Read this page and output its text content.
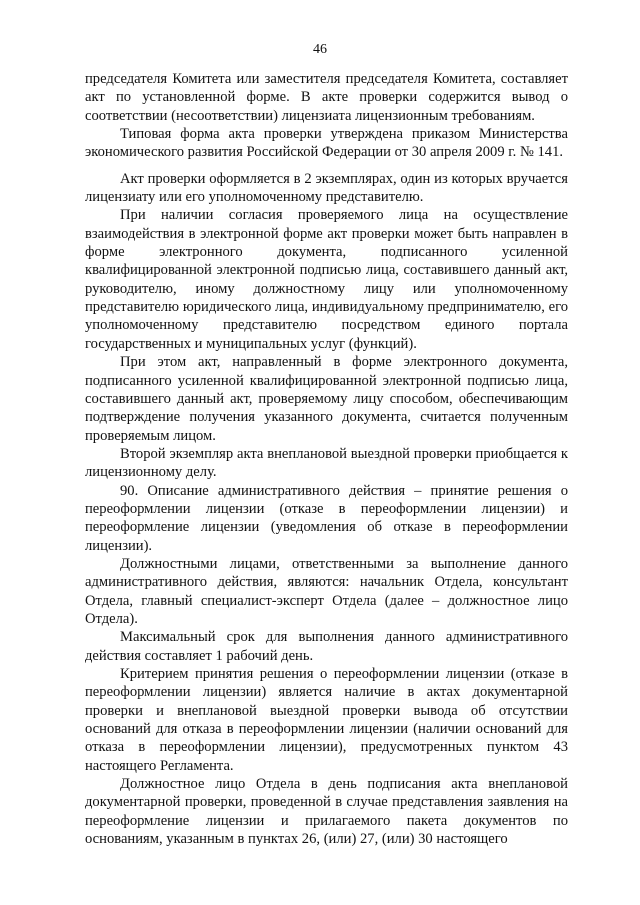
46

председателя Комитета или заместителя председателя Комитета, составляет акт по установленной форме. В акте проверки содержится вывод о соответствии (несоответствии) лицензиата лицензионным требованиям.

Типовая форма акта проверки утверждена приказом Министерства экономического развития Российской Федерации от 30 апреля 2009 г. № 141.

Акт проверки оформляется в 2 экземплярах, один из которых вручается лицензиату или его уполномоченному представителю.

При наличии согласия проверяемого лица на осуществление взаимодействия в электронной форме акт проверки может быть направлен в форме электронного документа, подписанного усиленной квалифицированной электронной подписью лица, составившего данный акт, руководителю, иному должностному лицу или уполномоченному представителю юридического лица, индивидуальному предпринимателю, его уполномоченному представителю посредством единого портала государственных и муниципальных услуг (функций).

При этом акт, направленный в форме электронного документа, подписанного усиленной квалифицированной электронной подписью лица, составившего данный акт, проверяемому лицу способом, обеспечивающим подтверждение получения указанного документа, считается полученным проверяемым лицом.

Второй экземпляр акта внеплановой выездной проверки приобщается к лицензионному делу.

90. Описание административного действия – принятие решения о переоформлении лицензии (отказе в переоформлении лицензии) и переоформление лицензии (уведомления об отказе в переоформлении лицензии).

Должностными лицами, ответственными за выполнение данного административного действия, являются: начальник Отдела, консультант Отдела, главный специалист-эксперт Отдела (далее – должностное лицо Отдела).

Максимальный срок для выполнения данного административного действия составляет 1 рабочий день.

Критерием принятия решения о переоформлении лицензии (отказе в переоформлении лицензии) является наличие в актах документарной проверки и внеплановой выездной проверки вывода об отсутствии оснований для отказа в переоформлении лицензии (наличии оснований для отказа в переоформлении лицензии), предусмотренных пунктом 43 настоящего Регламента.

Должностное лицо Отдела в день подписания акта внеплановой документарной проверки, проведенной в случае представления заявления на переоформление лицензии и прилагаемого пакета документов по основаниям, указанным в пунктах 26, (или) 27, (или) 30 настоящего
